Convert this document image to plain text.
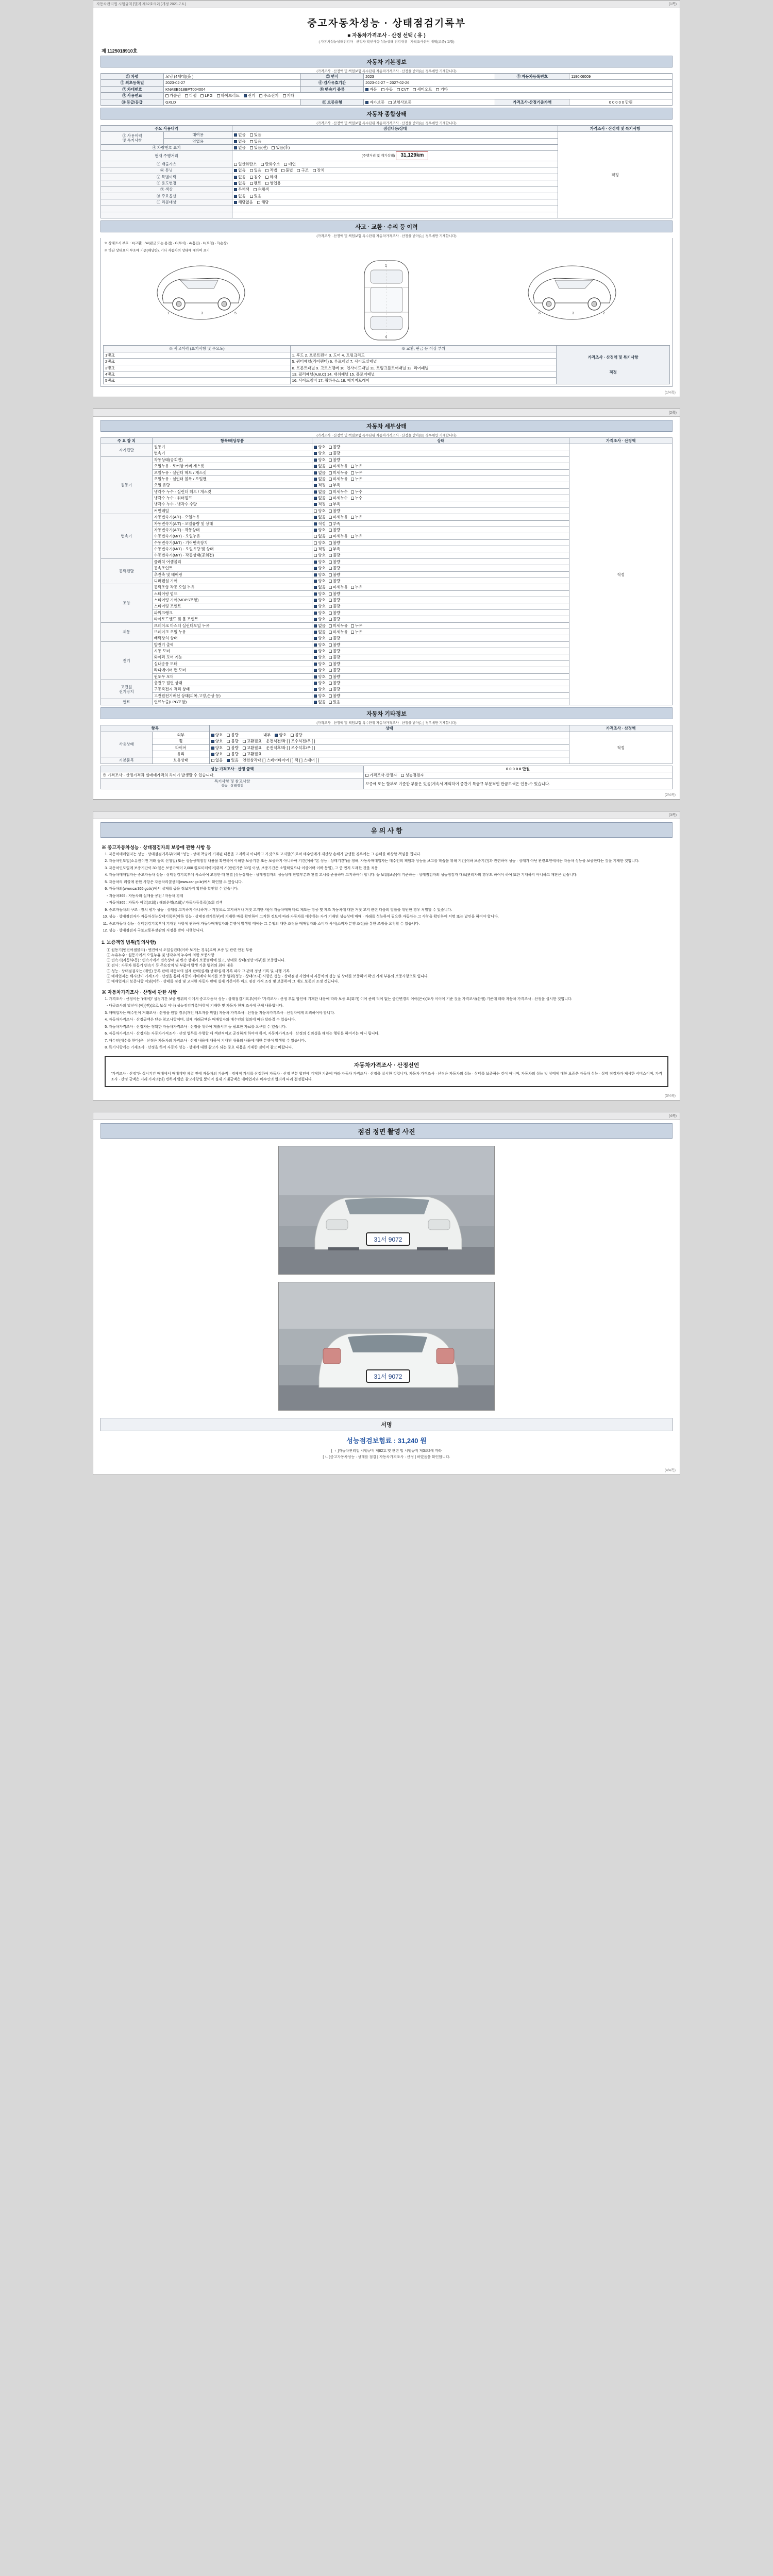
자동차관리법 시행규칙 [별지 제82호의2] (개정 2021.7.6.)	(1쪽)
중고자동차성능 · 상태점검기록부
■ 자동차가격조사 · 산정 선택 ( 유 )
( 자동차성능상태점검자 · 산정자 확인사항 성능상태 점검내용 · 가격조사산정 내역(보증) 포함)
제 1125018910호
자동차 기본정보
(가격조사 · 산정액 및 책임보험 특수단위 자동차가격조사 · 산정을 받아(는) 경우에만 기재합니다)
① 차명	모닝 (4세대)(올 )	② 연식	2023	③ 자동차등록번호	1190X6009
⑤ 최초등록일	2023-02-27	⑥ 검사유효기간	2023-02-27 ~ 2027-02-26		
⑦ 차대번호	KNAEB518BPT004004	⑧ 변속기 종류	자동 수동 CVT 세미오토 기타		
⑨ 사용연료	가솔린 디젤 LPG 하이브리드 전기 수소전기 기타				
⑩ 등급/등급	GXLD	⑪ 보증유형	자가보증 보험사보증	가격조사·산정기준가액	0 0 0 0 0 만원
자동차 종합상태
(가격조사 · 산정액 및 책임보험 특수단위 자동차가격조사 · 산정을 받아(는) 경우에만 기재합니다)
주요 사용내역		점검내용/상태	가격조사 · 산정액 및 특기사항
③ 사용이력
및 특기사항	대여용	없음 있음	적정
	영업용	없음 있음	
④ 차량번호 표기		없음 있음(전) 있음(후)	
현재 주행거리		(주행거리 및 계기상태) 31,129km	
⑤ 배출가스		일산화탄소 탄화수소 매연	
⑥ 튜닝		없음 있음 적법 불법 구조 장치	
⑦ 특별이력		없음 침수 화재	
⑧ 용도변경		없음 렌트 영업용	
⑨ 색상		무채색 유채색	
⑩ 주요옵션		없음 있음	
⑪ 리콜대상		해당없음 해당	

사고 · 교환 · 수리 등 이력
(가격조사 · 산정액 및 책임보험 특수단위 자동차가격조사 · 산정을 받아(는) 경우에만 기재합니다)
※ 상태표시 부호 : X(교환) · W(판금 또는 용접) · C(부식) · A(흠집) · U(요철) · T(손상)
※ 하단 상태표시 부호에 기준(해당란), 기타 자동차의 상태에 대하여 표기
1	3	5
1
4
2
3
6
※ 사고이력 (표기사항 및 주요도)	※ 교환, 판금 등 이상 부위	가격조사 · 산정액 및 특기사항
적정

1랭크	1. 후드 2. 프론트펜더 3. 도어 4. 트렁크리드	
2랭크	5. 쿼터패널(리어펜더) 6. 루프패널 7. 사이드실패널	
3랭크	8. 프론트패널 9. 크로스멤버 10. 인사이드패널 11. 트렁크플로어패널 12. 리어패널	
4랭크	13. 필러패널(A,B,C) 14. 대쉬패널 15. 플로어패널	
5랭크	16. 사이드멤버 17. 휠하우스 18. 패키지트레이	
(1/4쪽)

(2쪽)
자동차 세부상태
(가격조사 · 산정액 및 책임보험 특수단위 자동차가격조사 · 산정을 받아(는) 경우에만 기재합니다)
주 요 장 치	항목/해당부품	상태	가격조사 · 산정액
자기진단	원동기	양호 불량	적정
	변속기	양호 불량	
원동기	작동상태(공회전)	양호 불량	
	오일누유 - 로커암 커버 개스킷	없음 미세누유 누유	
	오일누유 - 실린더 헤드 / 개스킷	없음 미세누유 누유	
	오일누유 - 실린더 블록 / 오일팬	없음 미세누유 누유	
	오일 유량	적정 부족	
	냉각수 누수 - 실린더 헤드 / 개스킷	없음 미세누수 누수	
	냉각수 누수 - 워터펌프	없음 미세누수 누수	
	냉각수 누수 - 냉각수 수량	적정 부족	
	커먼레일	양호 불량	
변속기	자동변속기(A/T) - 오일누유	없음 미세누유 누유	
	자동변속기(A/T) - 오일유량 및 상태	적정 부족	
	자동변속기(A/T) - 작동상태	양호 불량	
	수동변속기(M/T) - 오일누유	없음 미세누유 누유	
	수동변속기(M/T) - 기어변속장치	양호 불량	
	수동변속기(M/T) - 오일유량 및 상태	적정 부족	
	수동변속기(M/T) - 작동상태(공회전)	양호 불량	
동력전달	클러치 어셈블리	양호 불량	
	등속조인트	양호 불량	
	추진축 및 베어링	양호 불량	
	디퍼렌셜 기어	양호 불량	
조향	동력조향 작동 오일 누유	없음 미세누유 누유	
	스티어링 펌프	양호 불량	
	스티어링 기어(MDPS포함)	양호 불량	
	스티어링 조인트	양호 불량	
	파워크랭크	양호 불량	
	타이로드엔드 및 볼 조인트	양호 불량	
제동	브레이크 마스터 실린더오일 누유	없음 미세누유 누유	
	브레이크 오일 누유	없음 미세누유 누유	
	배력장치 상태	양호 불량	
전기	발전기 출력	양호 불량	
	시동 모터	양호 불량	
	와이퍼 모터 기능	양호 불량	
	실내송풍 모터	양호 불량	
	라디에이터 팬 모터	양호 불량	
	윈도우 모터	양호 불량	
고전원
전기장치	충전구 절연 상태	양호 불량	
	구동축전지 격리 상태	양호 불량	
	고전원전기배선 상태(피복,고정,손상 등)	양호 불량	
연료	연료누출(LPG포함)	없음 있음	
자동차 기타정보
(가격조사 · 산정액 및 책임보험 특수단위 자동차가격조사 · 산정을 받아(는) 경우에만 기재합니다)
항목		상태	가격조사 · 산정액
사용상태	외부	양호 불량 내부 양호 불량	적정
	휠	양호 불량 교환필요 운전석전/좌 [ ] 조수석전/우 [ ]	
	타이어	양호 불량 교환필요 운전석후/좌 [ ] 조수석후/우 [ ]	
	유리	양호 불량 교환필요	
기본품목	보유상태	없음 있음 안전삼각대 [ ] 스페어타이어 [ ] 잭 [ ] 스패너 [ ]	
성능·가격조사 · 산정 금액	0 0 0 0 0 만원
※ 가격조사 · 산정가격과 실매매가격의 차이가 발생할 수 있습니다.	가격조사·산정자 성능점검자

특기사항 및 참고사항
성능 · 상태점검	보증에 또는 할부로 기준한 부품은 있음(계속서 제외하여 중간기 특급규 부분적인 판금도색은 인용·수 있습니다.
(2/4쪽)

(3쪽)
유 의 사 항
※ 중고자동차성능 · 상태점검자의 보증에 관한 사항 등
1. 자동차매매업자는 성능 · 상태점검기록부(이하 "성능 · 상태 책임에 기재된 내용을 고지하지 아니하고 거짓으로 고지할(으로써 매수인에게 재산상 손해가 발생한 경우에는 그 손해를 배상할 책임을 집니다.
2. 자동차인도일(소유권이전 거래 등록 신청일) 또는 성능상태점검 내용을 확인하여 이해한 보증기간 또는 보증하지 아니하여 기간(이하 "본 성능 · 상태기간")을 정해, 자동차매매업자는 매수인의 책임과 성능을 보고를 학습을 위해 기간(이하 보증기간)과 관련하여 성능 · 상태가 아닌 관련요인에서는 자동차 성능을 보증한다는 것을 기재한 것입니다.
3. 자동차인도일에 보증기간이 30 일은 보증가액이 2,000 킬로미터이며(위의 시(관련기준 30일 이상, 보증기간은 소멸하였으나 이상이며 이하 동일), 그 중 먼저 도래한 것을 적용
4. 자동차매매업자는 중고자동차 성능 · 상태점검기록부에 사소하여 고장한 때 판별 (성능상태는 · 상태점검자의 성능상태 판별부분과 판별 고시를 준용하며 고지하여야 합니다. 동 보험(보증)이 기준하는 · 상태점검자의 성능점검자 대표(관리자의 경우도 하여야 하여 또한 기재하지 아니하고 재판은 있습니다.
5. 자동차의 리콜에 관한 사항은 자동차리콜센터(www.car.go.kr)에서 확인할 수 있습니다.
6. 자동차의(www.car365.go.kr)에서 실제를 급을 정보가지 확인을 확인할 수 있습니다.
- 자동차365 : 자동차와 실매물 공전 / 자동차 경계
- 자동차365 : 자동차 이력(조회) / 해외운영(조회) / 자동차등록증(조회 검색
9. 중고자동차의 구조 · 장치 평가 성능 · 상태를 고지하지 아니하거나 거짓으로 고지하거나 거짓 고지한 자(이 자동차매매 바르 제도는 항공 및 제조 자동차에 대한 거짓 고지 관련 다음의 법률을 위반한 경우 처벌할 수 있습니다.
10. 성능 · 상태점검자가 자동차성능상태기록부(이하 성능 · 상태점검기록부)에 기재한 바를 확인하여 고지한 정보에 따라 자동차를 매수하는 자가 기재된 성능상태 매매 · 거래를 성능하여 필요한 자동차는 그 사항을 확인하여 서명 또는 날인을 하여야 합니다.
11. 중고자동차 성능 · 상태점검기록부에 기재된 사항에 관하여 자동차매매업자와 분쟁이 발생할 때에는 그 분쟁의 대한 조정을 매매업자와 소비자 사이(소비자 분쟁 조정)을 통한 조정을 요청할 수 있습니다.
12. 성능 · 상태점검자 국토교통부장관의 지정을 받아 시행합니다.
1. 보증책임 범위(임의사항)
① 원동기(엔진어셈블리) : 엔진에서 오일실린더(이하 보기는 경우)로써 보증 및 관련 안전 부품
② 누유누수 : 원동기에서 오일누유 및 냉각수의 누수에 의한 보증사항
③ 변속기(자동/수동) : 변속기에서 변속상태 및 변속 상태가 보증범위에 있고, 상태로 상태(정상 여부)를 보증합니다.
④ 검사 : 자동차 원동기 변속기 등 주요장치 및 부품이 발생 기준 범위의 최대 내용
⑤ 성능 · 상태점검자는 (개인) 등록 판매 자동차의 실제 판매(실제) 상태/실제 기록 따라 그 판매 정상 기록 및 시행 기록
② 매매업자는 해시산이 기계조사 · 산정을 통해 자동차 매매계약 하기를 보증 범위(성능 · 상태/조사) 사항은 성능 · 상태점검 사업에서 자동차의 성능 및 상태를 보증하여 확인 기재 부분의 보증사항으로 입니다.
③ 매매업자의 보증사항 이외(이하 · 상태를 점검 및 고지한 자동차 판매 실제 기준이하 매도 점검 가격 조정 및 보증하여 그 매도 보증의 조정 것입니다.
※ 자동차가격조사 · 산정에 관한 사항
1. 가격조사 · 산정이는 "(에이)" 설정기간 보증 범위의 이에서 중고자동차 성능 · 상태점검기록부(이하 "가격조사 · 산정 부분 합인에 기재한 내용에 따라 보증 요(회가) 이어 준비 먹이 없는 중간변경의 이어(은+)(조사 이어에 기준 것을 가격조사(산정) 기준에 따라 자동차 가격조사 · 산정을 실시한 것입니다.
- 대금조사의 말산이 (예)(진)(으로 보실 이나) 성능점검기록/사항에 기재한 및 자동차 현재 조사에 구체 내용합니다.
3. 매매업자는 매수인이 거래조사 · 산정을 원할 경우(개인 매도자를 막함) 자동차 가격조사 · 산정을 자동차가격조사 · 산정자에게 의뢰하여야 합니다.
4. 자동차가격조사 · 산정금액은 단순 참고사항이며, 실제 거래금액은 매매업자와 매수인의 협의에 따라 달라질 수 있습니다.
5. 자동차가격조사 · 산정자는 정확한 자동차가격조사 · 산정을 위하여 제출서류 등 필요한 자료를 요구할 수 있습니다.
6. 자동차가격조사 · 산정자는 자동차가격조사 · 산정 업무를 수행할 때 객관적이고 공정하게 하여야 하며, 자동차가격조사 · 산정의 신뢰성을 해치는 행위를 하여서는 아니 됩니다.
7. 매수인(매수를 한다)은 · 산정은 자동차의 가격조사 · 산정 내용에 대하여 기재된 내용의 내용에 대한 분쟁이 발생할 수 있습니다.
8. 특기사항에는 기재조사 · 산정을 하여 자동차 성능 · 상태에 대한 참고가 되는 중요 내용을 기재한 것이며 참고 바랍니다.
자동차가격조사 · 산정선언
"가격조사 · 산정"은 실시기간 매매에서 매매계약 체결 전에 자동차의 기술적 · 경제적 가치를 산정하여 자동차 · 산정 부분 합인에 기재한 기준에 따라 자동차 가격조사 · 산정을 실시한 것입니다. 자동차 가격조사 · 산정은 자동차의 성능 · 상태를 보증하는 것이 아니며, 자동차의 성능 및 상태에 대한 보증은 자동차 성능 · 상태 점검자가 제시한 서비스이며, 가격조사 · 산정 금액은 거래 가격의(의) 변하지 않은 참고사항일 뿐이며 실제 거래금액은 매매업자와 매수인의 협의에 따라 결정됩니다.
(3/4쪽)

(4쪽)
점검 정면 촬영 사진
31서 9072
31서 9072
서명
성능점검보험료 : 31,240 원
[ ㄱ ]자동차관리법 시행규칙 제82호 및 관련 법 시행규칙 제3조2에 따라
[ ㄴ ]중고자동차성능 · 상태를 점검 [ 자동차가격조사 · 산정 ] 하였음을 확인합니다.
(4/4쪽)
